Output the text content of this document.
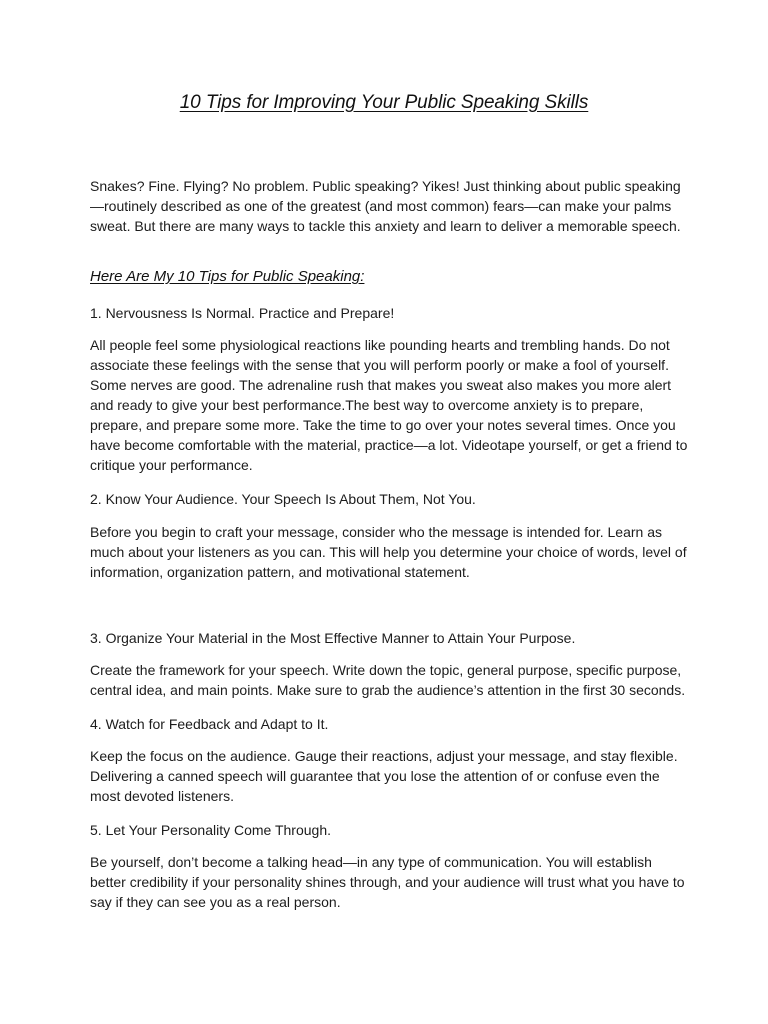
10 Tips for Improving Your Public Speaking Skills

Snakes? Fine. Flying? No problem. Public speaking? Yikes! Just thinking about public speaking—routinely described as one of the greatest (and most common) fears—can make your palms sweat. But there are many ways to tackle this anxiety and learn to deliver a memorable speech.

Here Are My 10 Tips for Public Speaking:

1. Nervousness Is Normal. Practice and Prepare!

All people feel some physiological reactions like pounding hearts and trembling hands. Do not associate these feelings with the sense that you will perform poorly or make a fool of yourself. Some nerves are good. The adrenaline rush that makes you sweat also makes you more alert and ready to give your best performance.The best way to overcome anxiety is to prepare, prepare, and prepare some more. Take the time to go over your notes several times. Once you have become comfortable with the material, practice—a lot. Videotape yourself, or get a friend to critique your performance.

2. Know Your Audience. Your Speech Is About Them, Not You.

Before you begin to craft your message, consider who the message is intended for. Learn as much about your listeners as you can. This will help you determine your choice of words, level of information, organization pattern, and motivational statement.

3. Organize Your Material in the Most Effective Manner to Attain Your Purpose.

Create the framework for your speech. Write down the topic, general purpose, specific purpose, central idea, and main points. Make sure to grab the audience’s attention in the first 30 seconds.

4. Watch for Feedback and Adapt to It.

Keep the focus on the audience. Gauge their reactions, adjust your message, and stay flexible. Delivering a canned speech will guarantee that you lose the attention of or confuse even the most devoted listeners.

5. Let Your Personality Come Through.

Be yourself, don’t become a talking head—in any type of communication. You will establish better credibility if your personality shines through, and your audience will trust what you have to say if they can see you as a real person.
